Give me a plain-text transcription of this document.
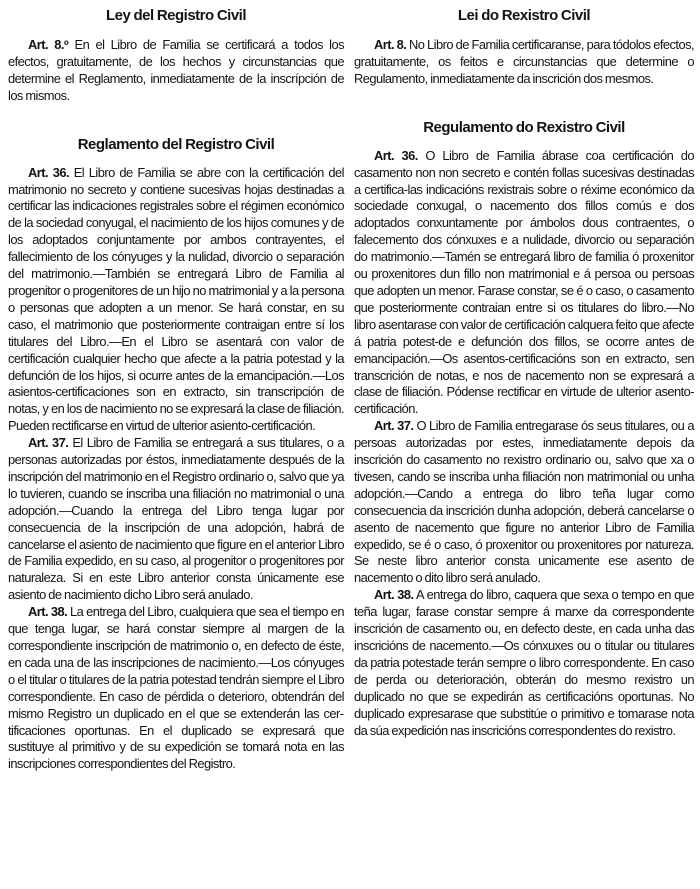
Ley del Registro Civil

Art. 8.$^o$ En el Libro de Familia se certificará a todos los efectos, gratuitamente, de los hechos y circunstancias que determine el Reglamento, inmediatamente de la inscrípción de los mismos.

Reglamento del Registro Civil

Art. 36. El Libro de Familia se abre con la certificación del matrimonio no secreto y contiene sucesivas hojas destinadas a certificar las indicaciones registrales sobre el régimen económico de la sociedad conyugal, el nacimiento de los hijos comunes y de los adoptados conjuntamente por ambos contrayentes, el fallecimiento de los cónyuges y la nulidad, divorcio o separación del matrimonio.—También se entregará Libro de Familia al progenitor o progenitores de un hijo no matrimonial y a la persona o personas que adopten a un menor. Se hará constar, en su caso, el matrimonio que posteriormente contraigan entre sí los titulares del Libro.—En el Libro se asentará con valor de certificación cualquier hecho que afecte a la patria potestad y la defunción de los hijos, si ocurre antes de la emancipación.—Los asientos-certificaciones son en extracto, sin transcripción de notas, y en los de nacimiento no se expresará la clase de filiación. Pueden rectificarse en virtud de ulterior asiento-certificación.

Art. 37. El Libro de Familia se entregará a sus titulares, o a personas autorizadas por éstos, inmediatamente después de la inscripción del matrimonio en el Registro ordinario o, salvo que ya lo tuvieren, cuando se inscriba una filiación no matrimonial o una adopción.—Cuando la entrega del Libro tenga lugar por consecuencia de la inscripción de una adopción, habrá de cancelarse el asiento de nacimiento que figure en el anterior Libro de Familia expedido, en su caso, al progenitor o progenitores por naturaleza. Si en este Libro anterior consta únicamente ese asiento de nacimiento dicho Libro será anulado.

Art. 38. La entrega del Libro, cualquiera que sea el tiempo en que tenga lugar, se hará constar siempre al margen de la correspondiente inscripción de matrimonio o, en defecto de éste, en cada una de las inscripciones de nacimiento.—Los cónyuges o el titular o titulares de la patria potestad tendrán siempre el Libro correspondiente. En caso de pérdida o deterioro, obtendrán del mismo Registro un duplicado en el que se extenderán las certificaciones oportunas. En el duplicado se expresará que sustituye al primitivo y de su expedición se tomará nota en las inscripciones correspondientes del Registro.

Lei do Rexistro Civil

Art. 8. No Libro de Familia certificaranse, para tódolos efectos, gratuitamente, os feitos e circunstancias que determine o Regulamento, inmediatamente da inscrición dos mesmos.

Regulamento do Rexistro Civil

Art. 36. O Libro de Familia ábrase coa certificación do casamento non non secreto e contén follas sucesivas destinadas a certifica-las indicacións rexistrais sobre o réxime económico da sociedade conxugal, o nacemento dos fillos comús e dos adoptados conxuntamente por ámbolos dous contraentes, o falecemento dos cónxuxes e a nulidade, divorcio ou separación do matrimonio.—Tamén se entregará libro de familia ó proxenitor ou proxenitores dun fillo non matrimonial e á persoa ou persoas que adopten un menor. Farase constar, se é o caso, o casamento que posteriormente contraian entre si os titulares do libro.—No libro asentarase con valor de certificación calquera feito que afecte á patria potest-de e defunción dos fillos, se ocorre antes de emancipación.—Os asentos-certificacións son en extracto, sen transcrición de notas, e nos de nacemento non se expresará a clase de filiación. Pódense rectificar en virtude de ulterior asento-certificación.

Art. 37. O Libro de Familia entregarase ós seus titulares, ou a persoas autorizadas por estes, inmediatamente depois da inscrición do casamento no rexistro ordinario ou, salvo que xa o tivesen, cando se inscriba unha filiación non matrimonial ou unha adopción.—Cando a entrega do libro teña lugar como consecuencia da inscrición dunha adopción, deberá cancelarse o asento de nacemento que figure no anterior Libro de Familia expedido, se é o caso, ó proxenitor ou proxenitores por natureza. Se neste libro anterior consta unicamente ese asento de nacemento o dito libro será anulado.

Art. 38. A entrega do libro, caquera que sexa o tempo en que teña lugar, farase constar sempre á marxe da correspondente inscrición de casamento ou, en defecto deste, en cada unha das inscricións de nacemento.—Os cónxuxes ou o titular ou titulares da patria potestade terán sempre o libro correspondente. En caso de perda ou deterioración, obterán do mesmo rexistro un duplicado no que se expedirán as certificacións oportunas. No duplicado expresarase que substitúe o primitivo e tomarase nota da súa expedición nas inscricións correspondentes do rexistro.
